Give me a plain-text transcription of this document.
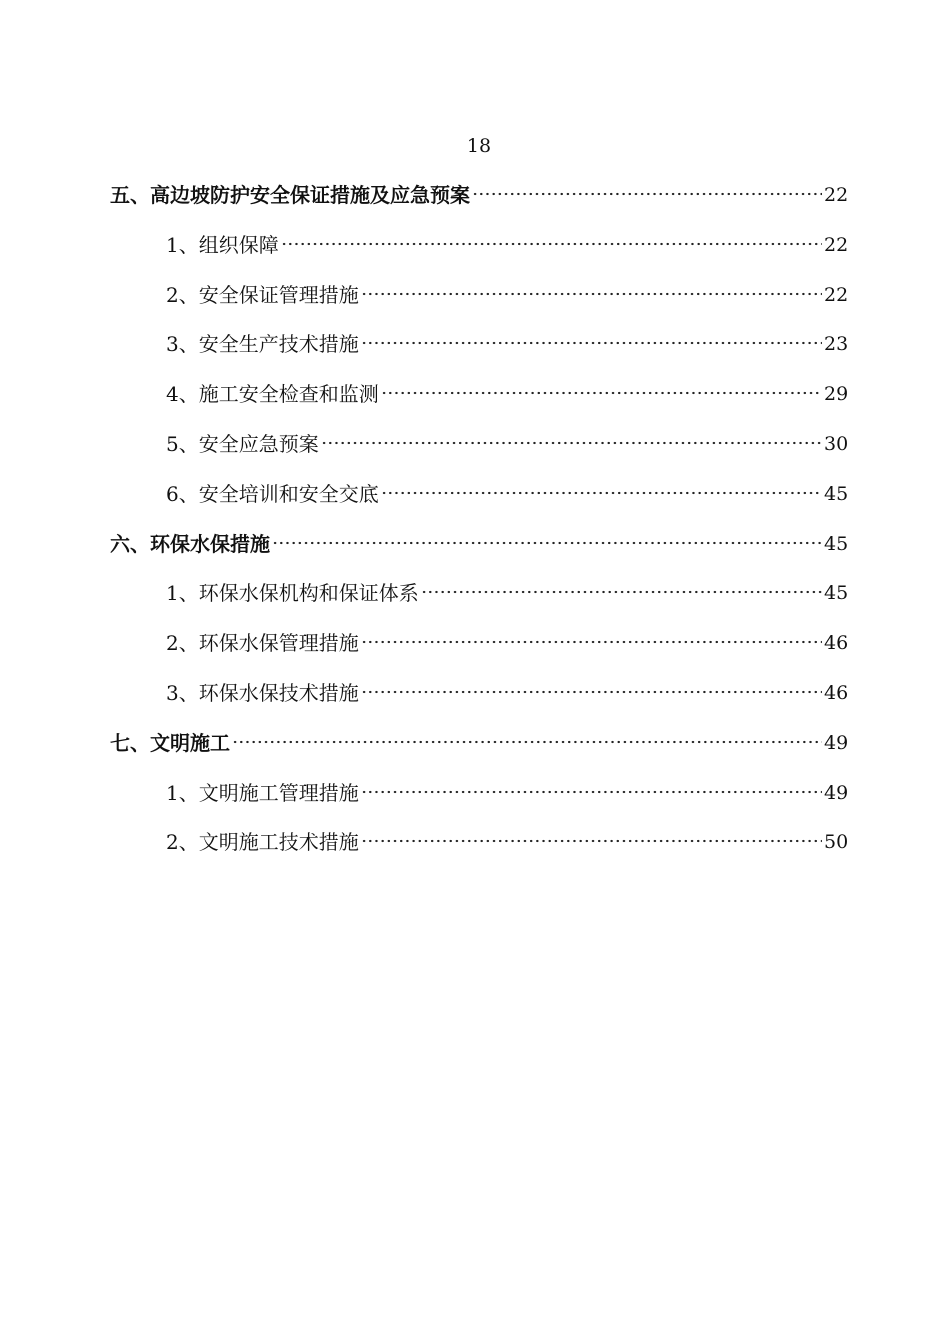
18
五、高边坡防护安全保证措施及应急预案	22
1、组织保障	22
2、安全保证管理措施	22
3、安全生产技术措施	23
4、施工安全检查和监测	29
5、安全应急预案	30
6、安全培训和安全交底	45
六、环保水保措施	45
1、环保水保机构和保证体系	45
2、环保水保管理措施	46
3、环保水保技术措施	46
七、文明施工	49
1、文明施工管理措施	49
2、文明施工技术措施	50
